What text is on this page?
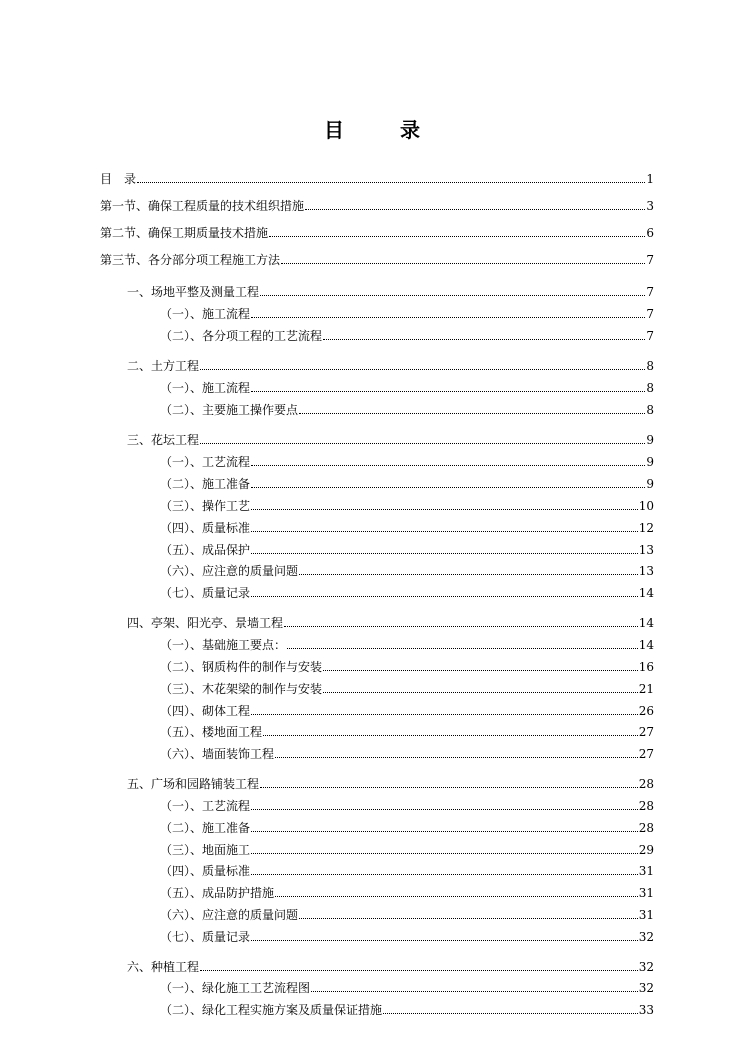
目　录
目　录	1
第一节、确保工程质量的技术组织措施	3
第二节、确保工期质量技术措施	6
第三节、各分部分项工程施工方法	7
一、场地平整及测量工程	7
（一）、施工流程	7
（二）、各分项工程的工艺流程	7
二、土方工程	8
（一）、施工流程	8
（二）、主要施工操作要点	8
三、花坛工程	9
（一）、工艺流程	9
（二）、施工准备	9
（三）、操作工艺	10
（四）、质量标准	12
（五）、成品保护	13
（六）、应注意的质量问题	13
（七）、质量记录	14
四、亭架、阳光亭、景墙工程	14
（一）、基础施工要点：	14
（二）、钢质构件的制作与安装	16
（三）、木花架梁的制作与安装	21
（四）、砌体工程	26
（五）、楼地面工程	27
（六）、墙面装饰工程	27
五、广场和园路铺装工程	28
（一）、工艺流程	28
（二）、施工准备	28
（三）、地面施工	29
（四）、质量标准	31
（五）、成品防护措施	31
（六）、应注意的质量问题	31
（七）、质量记录	32
六、种植工程	32
（一）、绿化施工工艺流程图	32
（二）、绿化工程实施方案及质量保证措施	33
